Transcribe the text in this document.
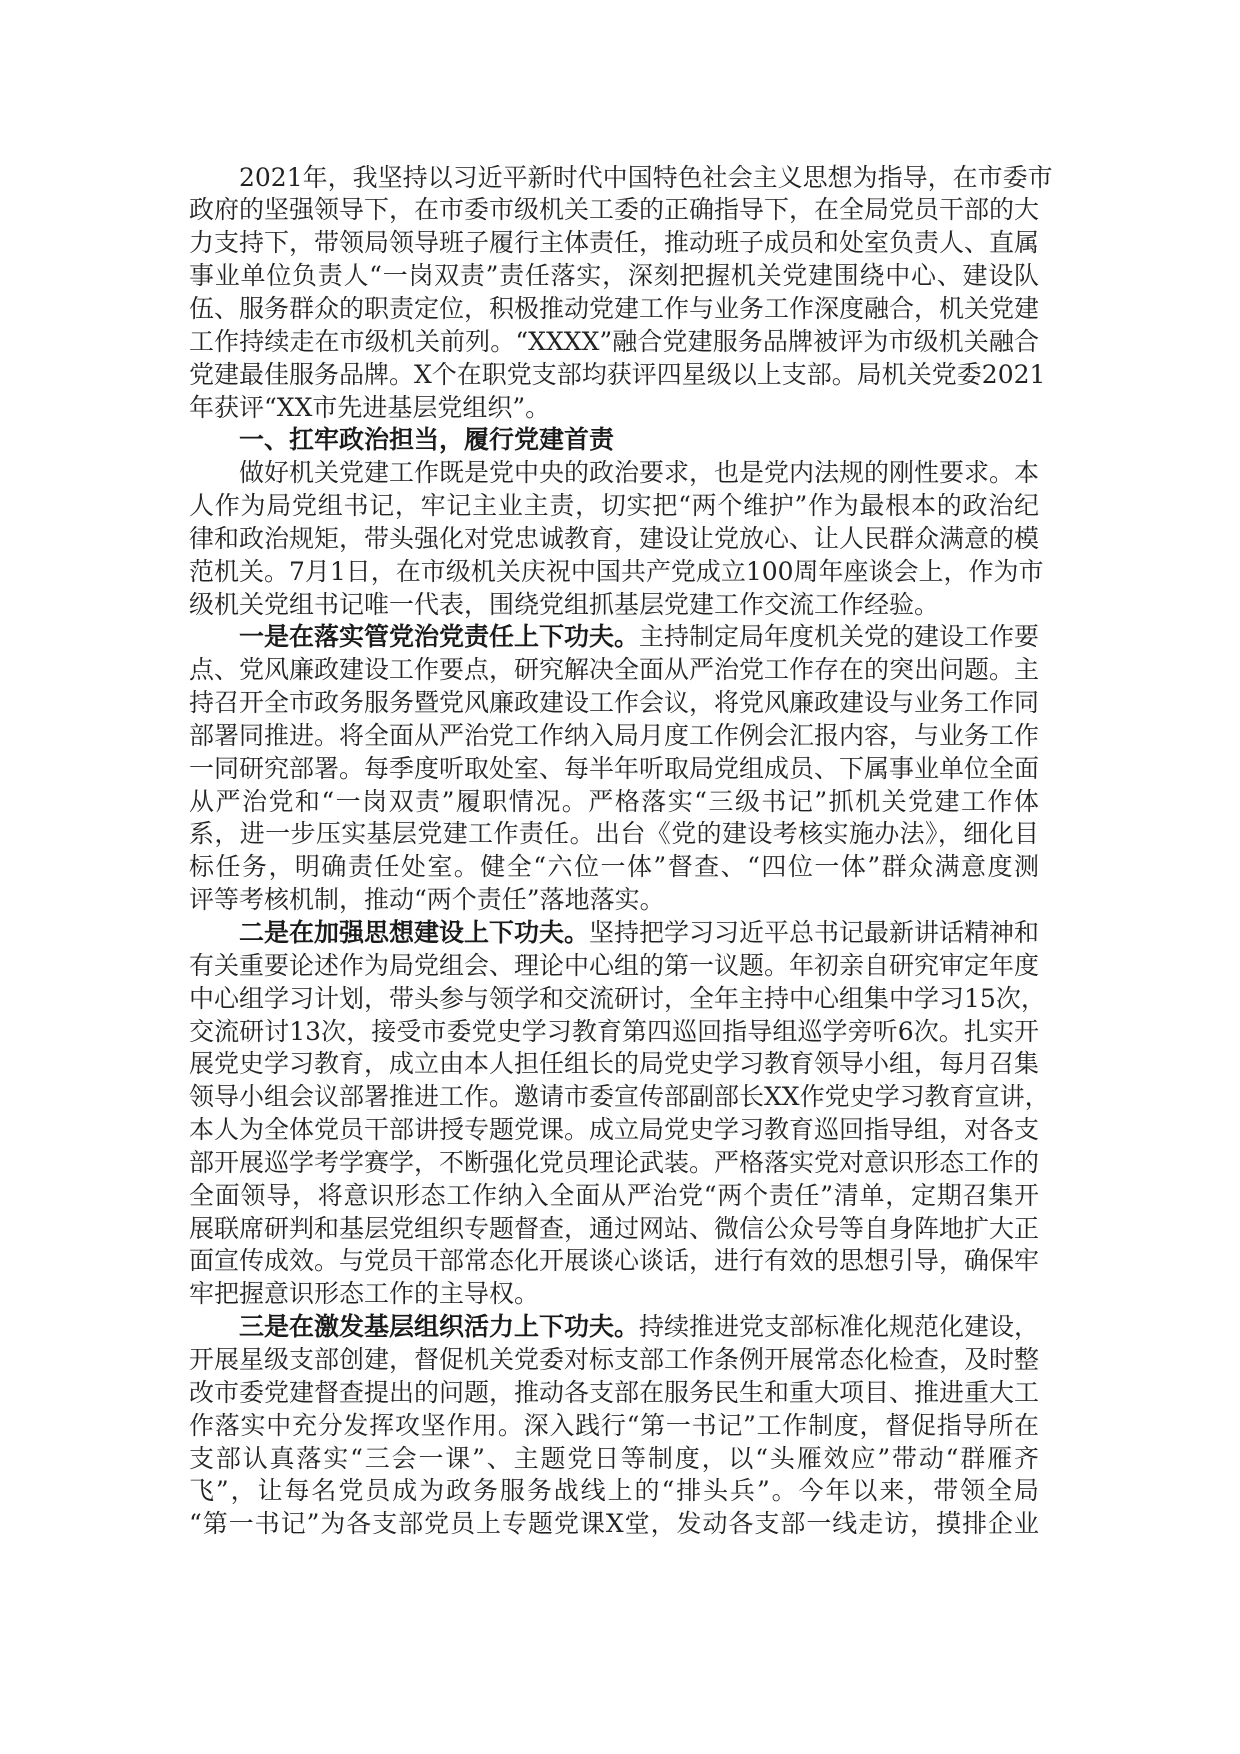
2021年，我坚持以习近平新时代中国特色社会主义思想为指导，在市委市
政府的坚强领导下，在市委市级机关工委的正确指导下，在全局党员干部的大
力支持下，带领局领导班子履行主体责任，推动班子成员和处室负责人、直属
事业单位负责人“一岗双责”责任落实，深刻把握机关党建围绕中心、建设队
伍、服务群众的职责定位，积极推动党建工作与业务工作深度融合，机关党建
工作持续走在市级机关前列。“XXXX”融合党建服务品牌被评为市级机关融合
党建最佳服务品牌。X个在职党支部均获评四星级以上支部。局机关党委2021
年获评“XX市先进基层党组织”。
一、扛牢政治担当，履行党建首责
做好机关党建工作既是党中央的政治要求，也是党内法规的刚性要求。本
人作为局党组书记，牢记主业主责，切实把“两个维护”作为最根本的政治纪
律和政治规矩，带头强化对党忠诚教育，建设让党放心、让人民群众满意的模
范机关。7月1日，在市级机关庆祝中国共产党成立100周年座谈会上，作为市
级机关党组书记唯一代表，围绕党组抓基层党建工作交流工作经验。
一是在落实管党治党责任上下功夫。主持制定局年度机关党的建设工作要
点、党风廉政建设工作要点，研究解决全面从严治党工作存在的突出问题。主
持召开全市政务服务暨党风廉政建设工作会议，将党风廉政建设与业务工作同
部署同推进。将全面从严治党工作纳入局月度工作例会汇报内容，与业务工作
一同研究部署。每季度听取处室、每半年听取局党组成员、下属事业单位全面
从严治党和“一岗双责”履职情况。严格落实“三级书记”抓机关党建工作体
系，进一步压实基层党建工作责任。出台《党的建设考核实施办法》，细化目
标任务，明确责任处室。健全“六位一体”督查、“四位一体”群众满意度测
评等考核机制，推动“两个责任”落地落实。
二是在加强思想建设上下功夫。坚持把学习习近平总书记最新讲话精神和
有关重要论述作为局党组会、理论中心组的第一议题。年初亲自研究审定年度
中心组学习计划，带头参与领学和交流研讨，全年主持中心组集中学习15次，
交流研讨13次，接受市委党史学习教育第四巡回指导组巡学旁听6次。扎实开
展党史学习教育，成立由本人担任组长的局党史学习教育领导小组，每月召集
领导小组会议部署推进工作。邀请市委宣传部副部长XX作党史学习教育宣讲，
本人为全体党员干部讲授专题党课。成立局党史学习教育巡回指导组，对各支
部开展巡学考学赛学，不断强化党员理论武装。严格落实党对意识形态工作的
全面领导，将意识形态工作纳入全面从严治党“两个责任”清单，定期召集开
展联席研判和基层党组织专题督查，通过网站、微信公众号等自身阵地扩大正
面宣传成效。与党员干部常态化开展谈心谈话，进行有效的思想引导，确保牢
牢把握意识形态工作的主导权。
三是在激发基层组织活力上下功夫。持续推进党支部标准化规范化建设，
开展星级支部创建，督促机关党委对标支部工作条例开展常态化检查，及时整
改市委党建督查提出的问题，推动各支部在服务民生和重大项目、推进重大工
作落实中充分发挥攻坚作用。深入践行“第一书记”工作制度，督促指导所在
支部认真落实“三会一课”、主题党日等制度，以“头雁效应”带动“群雁齐
飞”，让每名党员成为政务服务战线上的“排头兵”。今年以来，带领全局
“第一书记”为各支部党员上专题党课X堂，发动各支部一线走访，摸排企业
